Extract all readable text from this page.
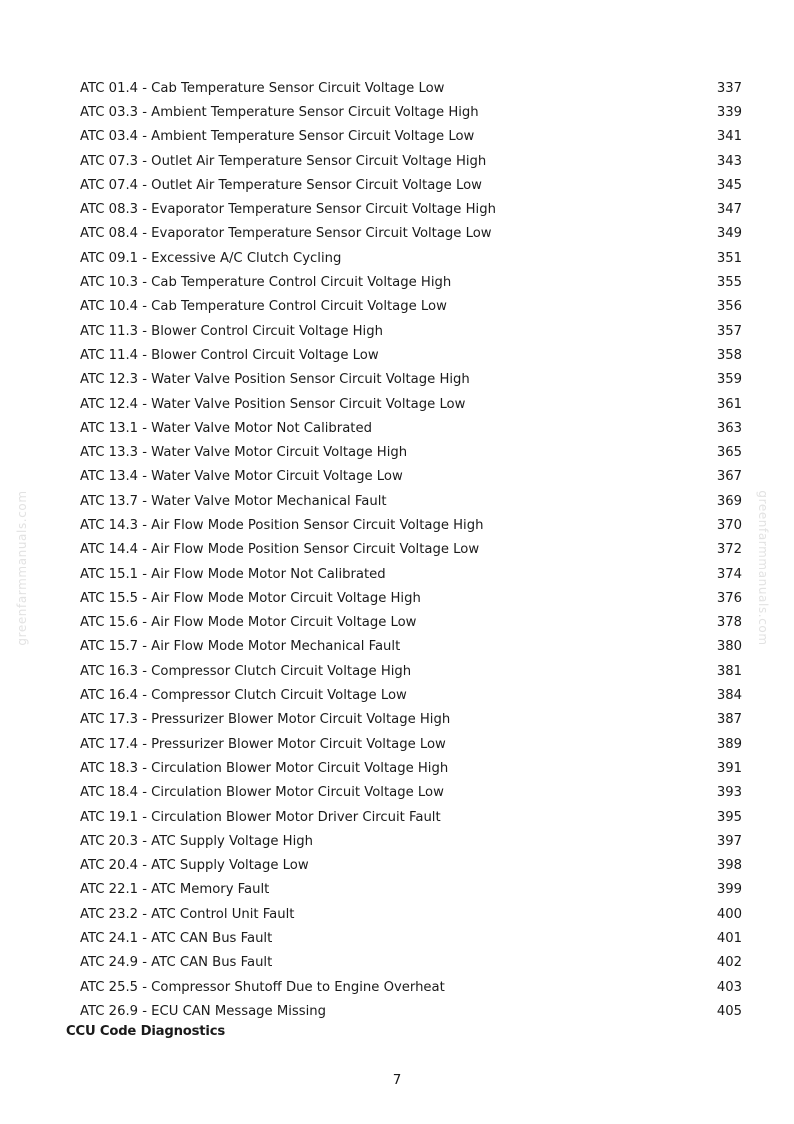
greenfarmmanuals.com	greenfarmmanuals.com
ATC 01.4 - Cab Temperature Sensor Circuit Voltage Low	337
ATC 03.3 - Ambient Temperature Sensor Circuit Voltage High	339
ATC 03.4 - Ambient Temperature Sensor Circuit Voltage Low	341
ATC 07.3 - Outlet Air Temperature Sensor Circuit Voltage High	343
ATC 07.4 - Outlet Air Temperature Sensor Circuit Voltage Low	345
ATC 08.3 - Evaporator Temperature Sensor Circuit Voltage High	347
ATC 08.4 - Evaporator Temperature Sensor Circuit Voltage Low	349
ATC 09.1 - Excessive A/C Clutch Cycling	351
ATC 10.3 - Cab Temperature Control Circuit Voltage High	355
ATC 10.4 - Cab Temperature Control Circuit Voltage Low	356
ATC 11.3 - Blower Control Circuit Voltage High	357
ATC 11.4 - Blower Control Circuit Voltage Low	358
ATC 12.3 - Water Valve Position Sensor Circuit Voltage High	359
ATC 12.4 - Water Valve Position Sensor Circuit Voltage Low	361
ATC 13.1 - Water Valve Motor Not Calibrated	363
ATC 13.3 - Water Valve Motor Circuit Voltage High	365
ATC 13.4 - Water Valve Motor Circuit Voltage Low	367
ATC 13.7 - Water Valve Motor Mechanical Fault	369
ATC 14.3 - Air Flow Mode Position Sensor Circuit Voltage High	370
ATC 14.4 - Air Flow Mode Position Sensor Circuit Voltage Low	372
ATC 15.1 - Air Flow Mode Motor Not Calibrated	374
ATC 15.5 - Air Flow Mode Motor Circuit Voltage High	376
ATC 15.6 - Air Flow Mode Motor Circuit Voltage Low	378
ATC 15.7 - Air Flow Mode Motor Mechanical Fault	380
ATC 16.3 - Compressor Clutch Circuit Voltage High	381
ATC 16.4 - Compressor Clutch Circuit Voltage Low	384
ATC 17.3 - Pressurizer Blower Motor Circuit Voltage High	387
ATC 17.4 - Pressurizer Blower Motor Circuit Voltage Low	389
ATC 18.3 - Circulation Blower Motor Circuit Voltage High	391
ATC 18.4 - Circulation Blower Motor Circuit Voltage Low	393
ATC 19.1 - Circulation Blower Motor Driver Circuit Fault	395
ATC 20.3 - ATC Supply Voltage High	397
ATC 20.4 - ATC Supply Voltage Low	398
ATC 22.1 - ATC Memory Fault	399
ATC 23.2 - ATC Control Unit Fault	400
ATC 24.1 - ATC CAN Bus Fault	401
ATC 24.9 - ATC CAN Bus Fault	402
ATC 25.5 - Compressor Shutoff Due to Engine Overheat	403
ATC 26.9 - ECU CAN Message Missing	405
CCU Code Diagnostics
7
